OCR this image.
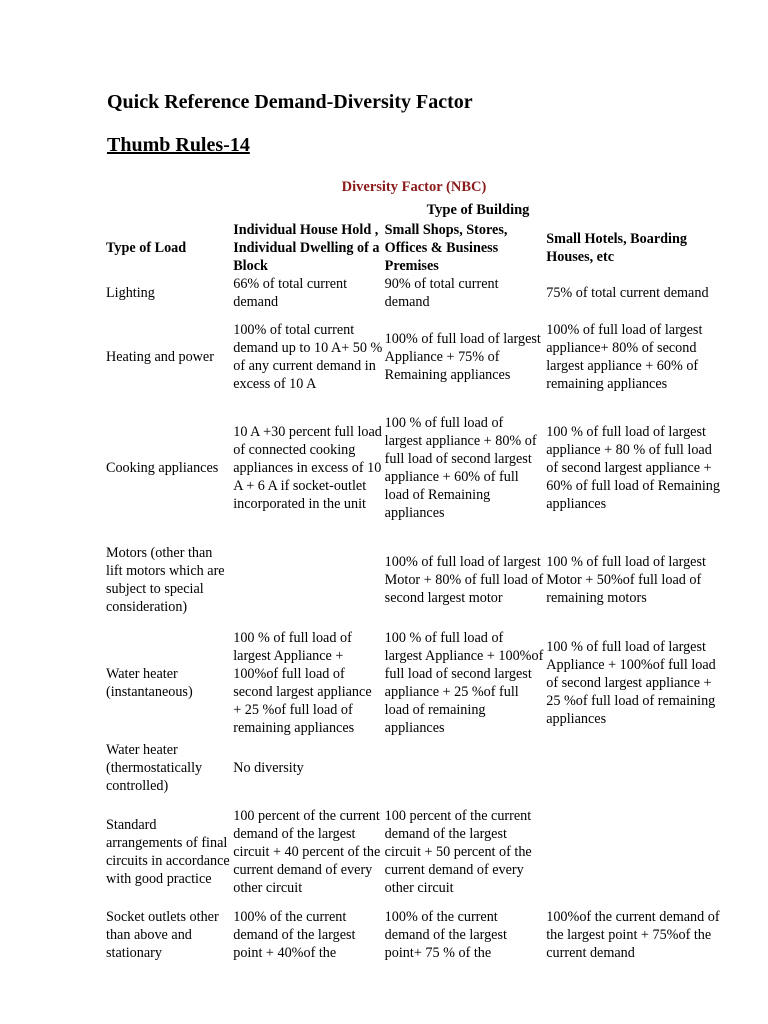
Quick Reference Demand-Diversity Factor
Thumb Rules-14
Diversity Factor (NBC)
Type of Building
Type of Load	Individual House Hold , Individual Dwelling of a Block	Small Shops, Stores, Offices & Business Premises	Small Hotels, Boarding Houses, etc
Lighting	66% of total current demand	90% of total current demand	75% of total current demand
Heating and power	100% of total current demand up to 10 A+ 50 % of any current demand in excess of 10 A	100% of full load of largest Appliance + 75% of Remaining appliances	100% of full load of largest appliance+ 80% of second largest appliance + 60% of remaining appliances
Cooking appliances	10 A +30 percent full load of connected cooking appliances in excess of 10 A + 6 A if socket-outlet incorporated in the unit	100 % of full load of largest appliance + 80% of full load of second largest appliance + 60% of full load of Remaining appliances	100 % of full load of largest appliance + 80 % of full load of second largest appliance + 60% of full load of Remaining appliances
Motors (other than lift motors which are subject to special consideration)		100% of full load of largest Motor + 80% of full load of second largest motor	100 % of full load of largest Motor + 50%of full load of remaining motors
Water heater (instantaneous)	100 % of full load of largest Appliance + 100%of full load of second largest appliance + 25 %of full load of remaining appliances	100 % of full load of largest Appliance + 100%of full load of second largest appliance + 25 %of full load of remaining appliances	100 % of full load of largest Appliance + 100%of full load of second largest appliance + 25 %of full load of remaining appliances
Water heater (thermostatically controlled)	No diversity		
Standard arrangements of final circuits in accordance with good practice	100 percent of the current demand of the largest circuit + 40 percent of the current demand of every other circuit	100 percent of the current demand of the largest circuit + 50 percent of the current demand of every other circuit	
Socket outlets other than above and stationary	100% of the current demand of the largest point + 40%of the	100% of the current demand of the largest point+ 75 % of the	100%of the current demand of the largest point + 75%of the current demand
